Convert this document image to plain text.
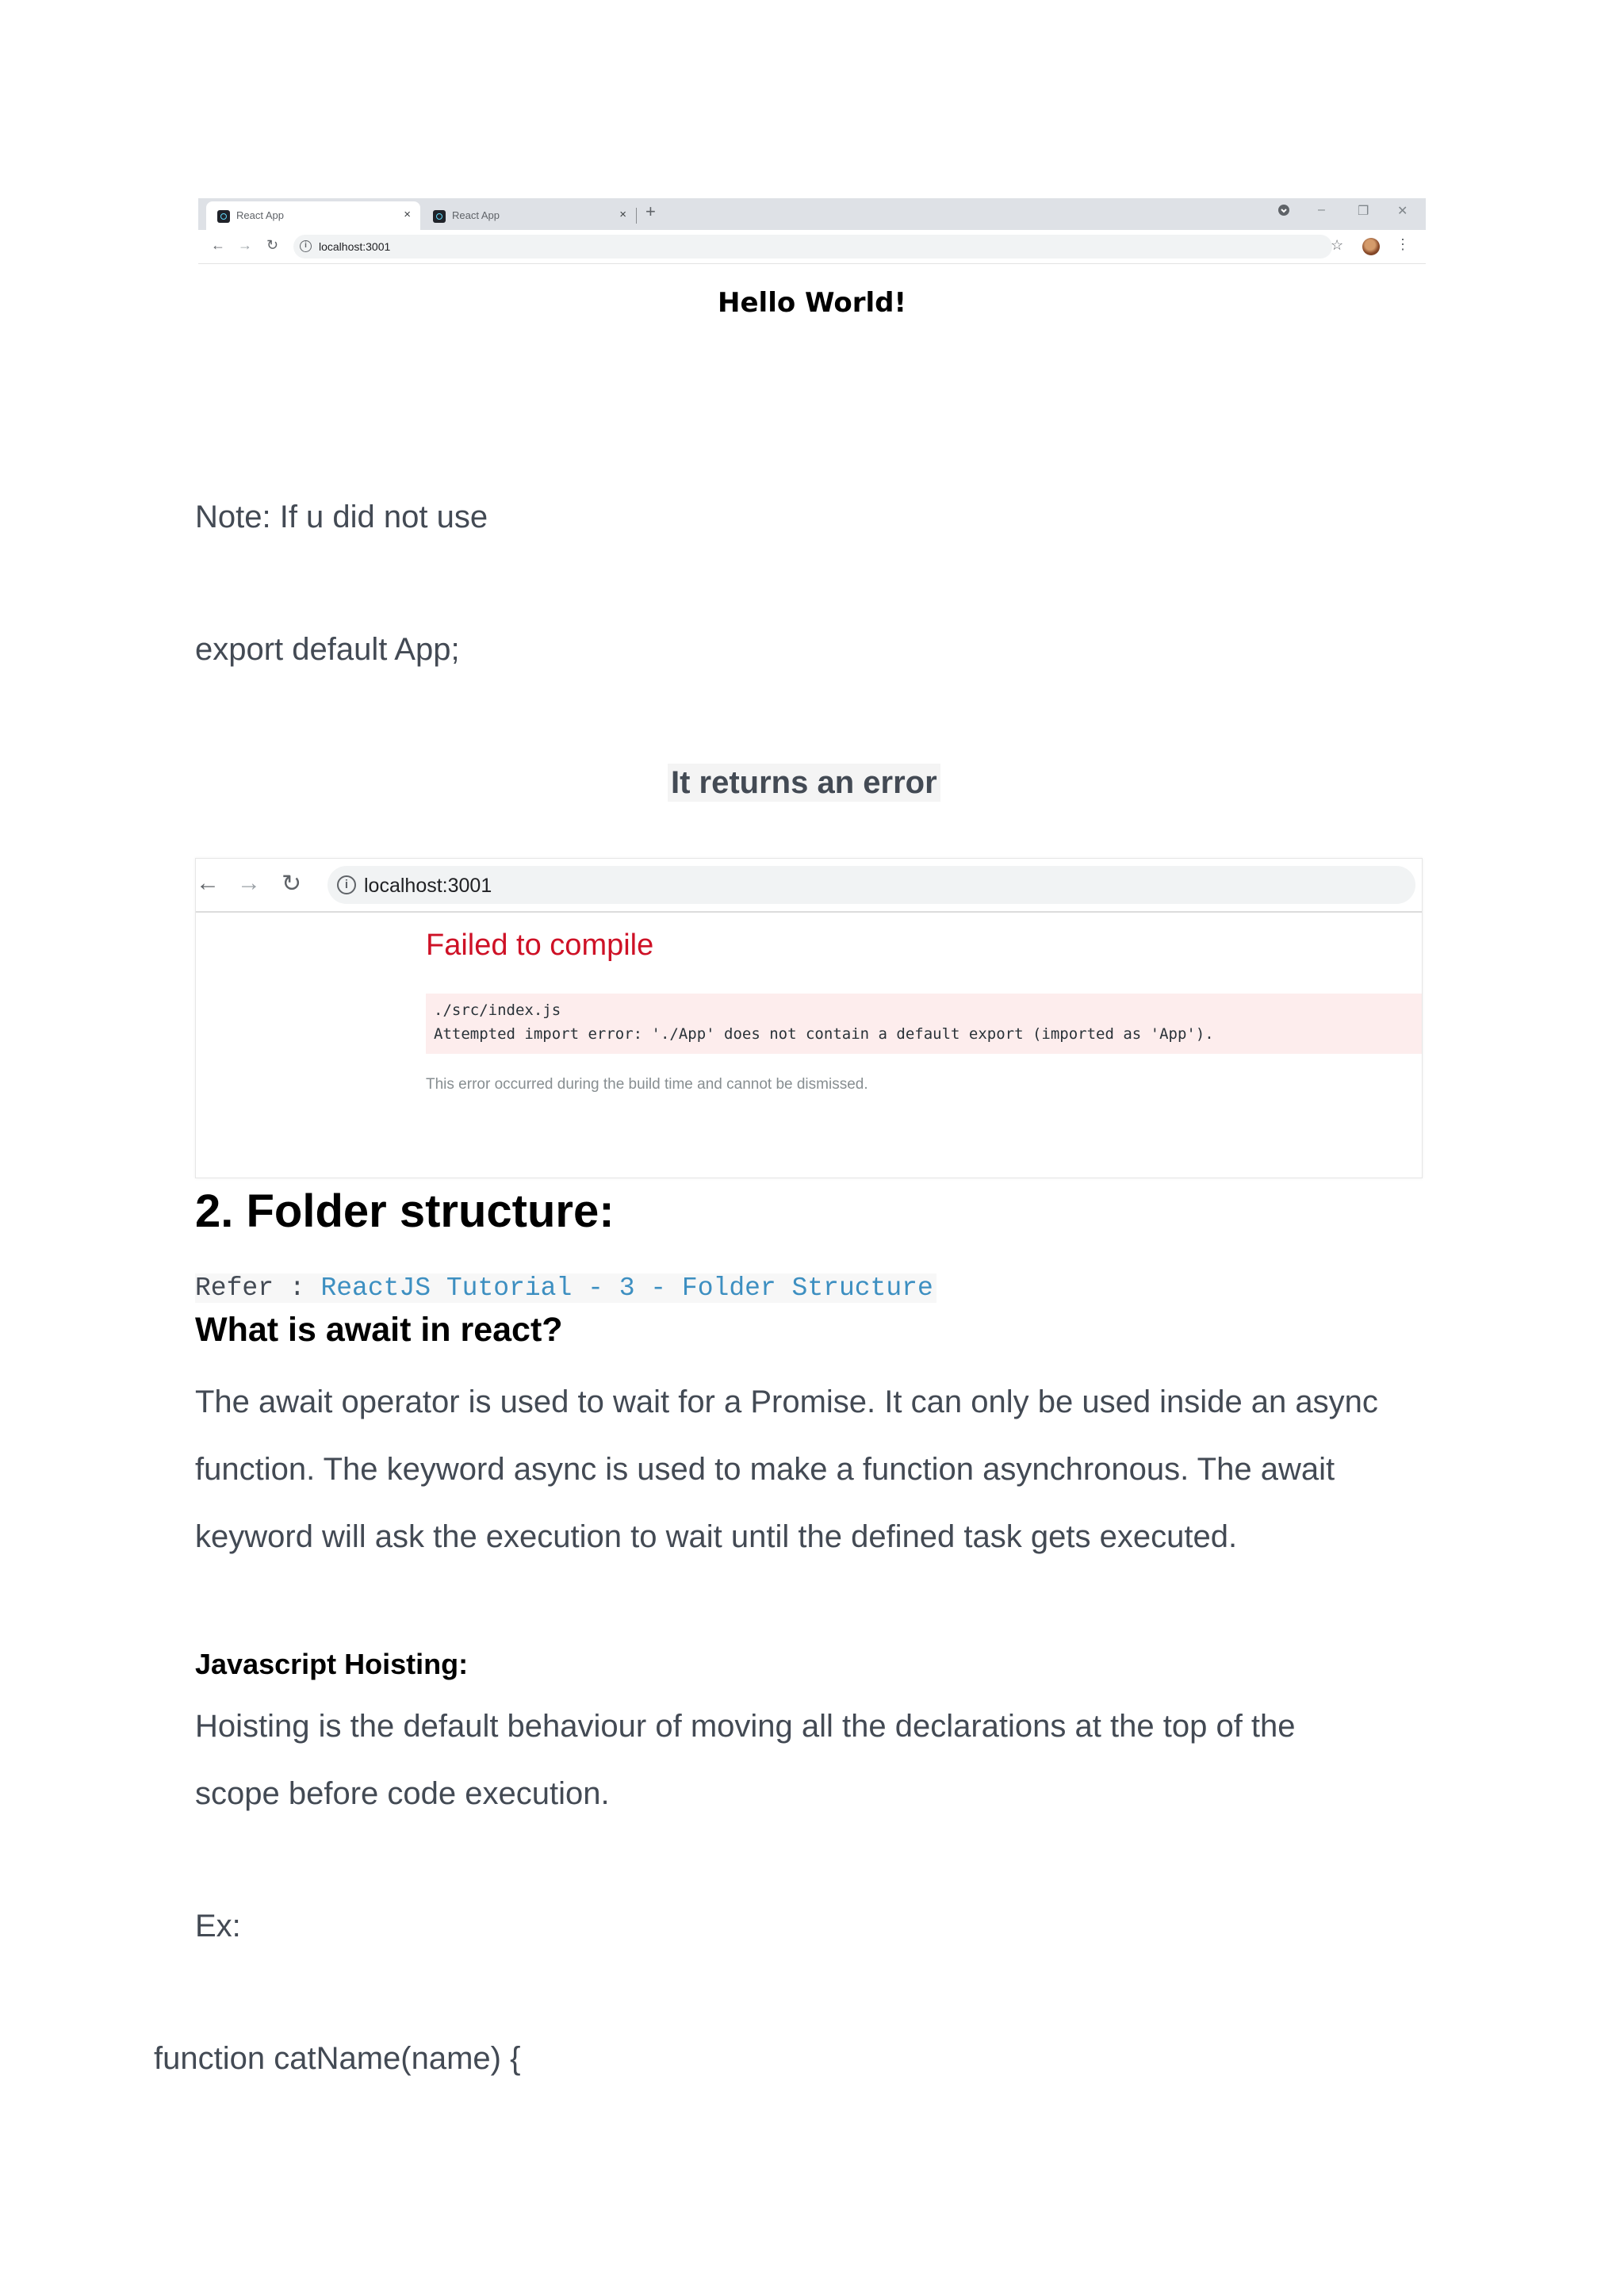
React App	×	React App	× +	–	❐ ✕
← → ↻	i	localhost:3001	☆	⋮
Hello World!
Note: If u did not use
export default App;
It returns an error
← → ↻	i localhost:3001
Failed to compile
./src/index.js
Attempted import error: './App' does not contain a default export (imported as 'App').
This error occurred during the build time and cannot be dismissed.
2. Folder structure:
Refer : ReactJS Tutorial - 3 - Folder Structure
What is await in react?
The await operator is used to wait for a Promise. It can only be used inside an async
function. The keyword async is used to make a function asynchronous. The await
keyword will ask the execution to wait until the defined task gets executed.
Javascript Hoisting:
Hoisting is the default behaviour of moving all the declarations at the top of the
scope before code execution.
Ex:
function catName(name) {
